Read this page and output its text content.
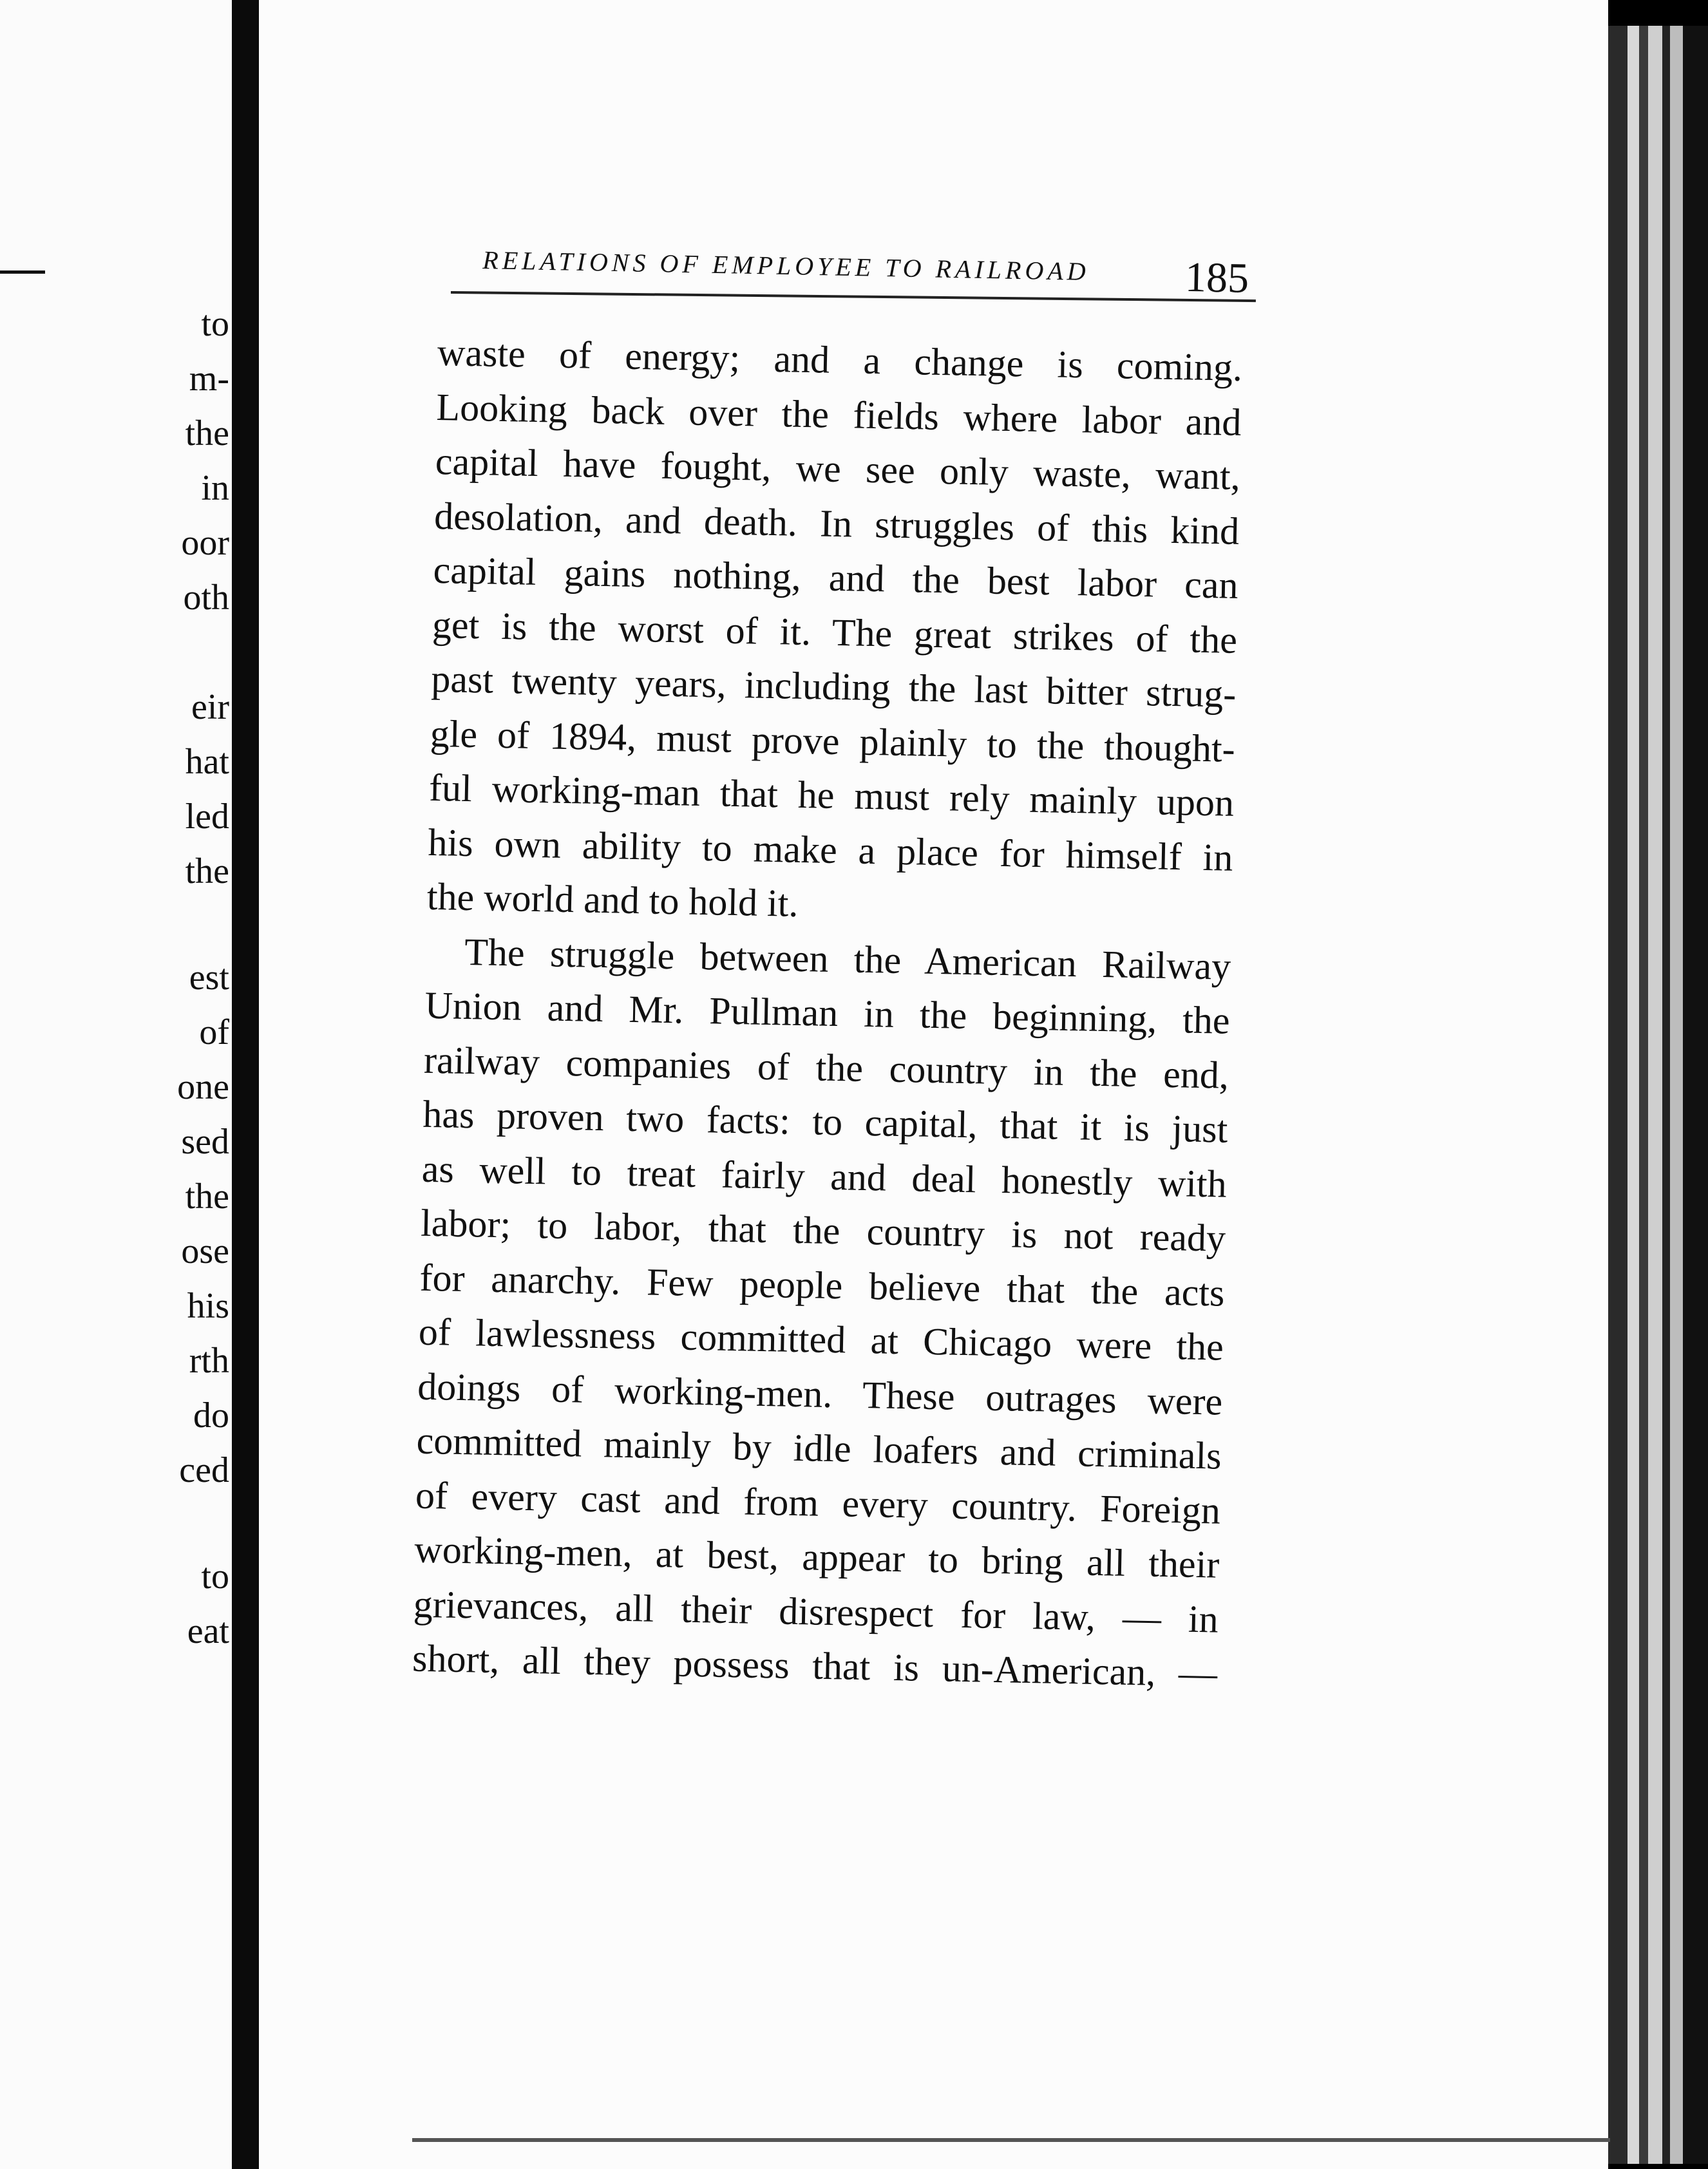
to
m-
the
in
oor
oth
eir
hat
led
the
est
of
one
sed
the
ose
his
rth
do
ced
to
eat
RELATIONS OF EMPLOYEE TO RAILROAD 185
waste of energy; and a change is coming.
Looking back over the fields where labor and
capital have fought, we see only waste, want,
desolation, and death. In struggles of this kind
capital gains nothing, and the best labor can
get is the worst of it. The great strikes of the
past twenty years, including the last bitter strug-
gle of 1894, must prove plainly to the thought-
ful working-man that he must rely mainly upon
his own ability to make a place for himself in
the world and to hold it.
The struggle between the American Railway
Union and Mr. Pullman in the beginning, the
railway companies of the country in the end,
has proven two facts: to capital, that it is just
as well to treat fairly and deal honestly with
labor; to labor, that the country is not ready
for anarchy. Few people believe that the acts
of lawlessness committed at Chicago were the
doings of working-men. These outrages were
committed mainly by idle loafers and criminals
of every cast and from every country. Foreign
working-men, at best, appear to bring all their
grievances, all their disrespect for law, — in
short, all they possess that is un-American, —
